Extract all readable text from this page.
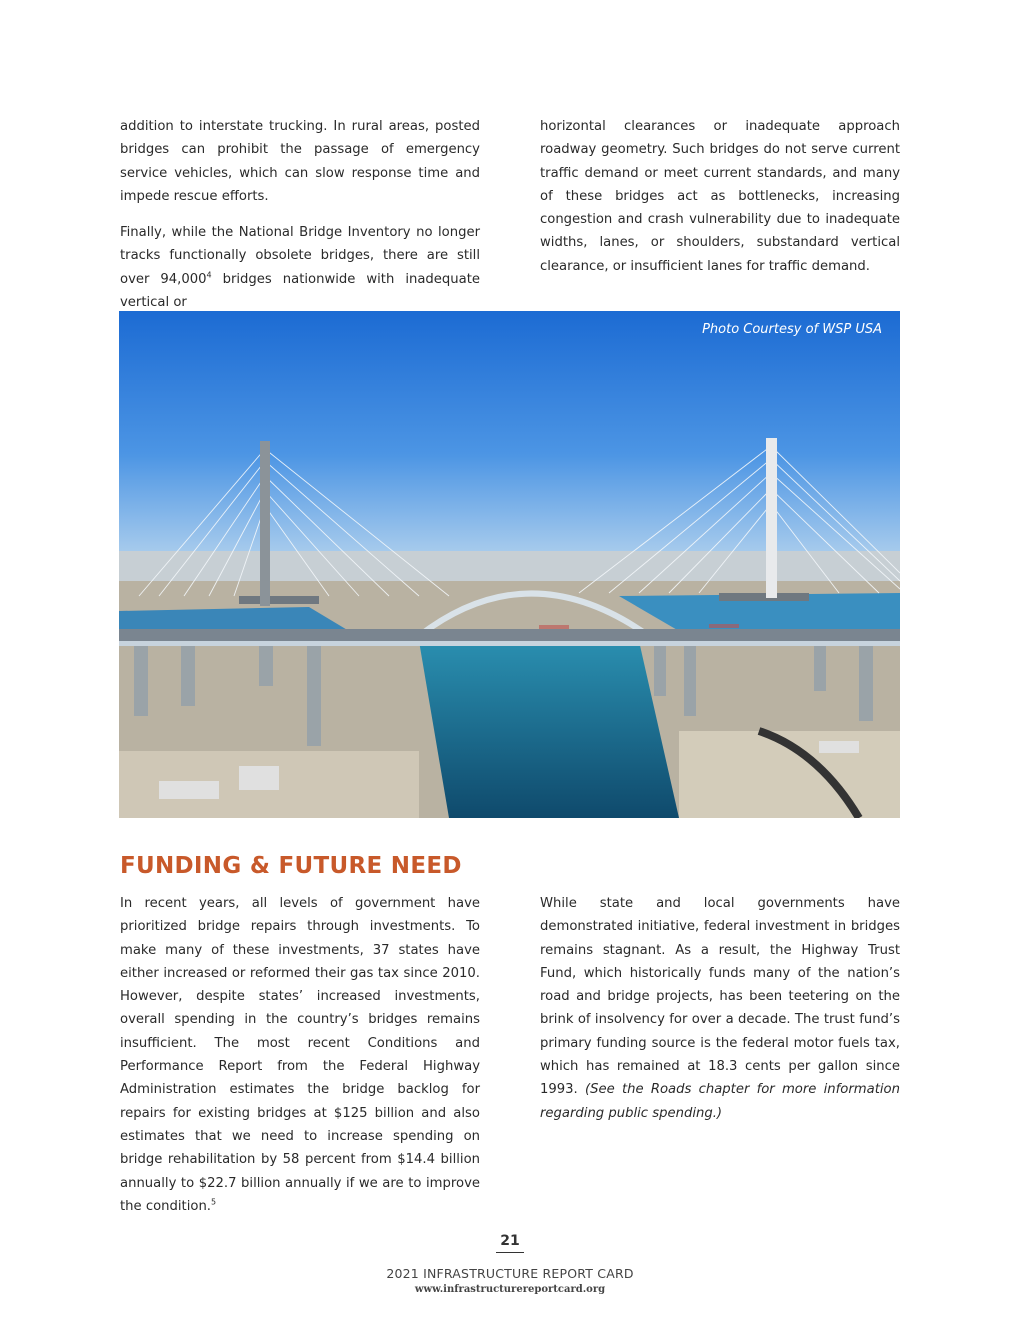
addition to interstate trucking. In rural areas, posted bridges can prohibit the passage of emergency service vehicles, which can slow response time and impede rescue efforts.

Finally, while the National Bridge Inventory no longer tracks functionally obsolete bridges, there are still over 94,000$^4$ bridges nationwide with inadequate vertical or

horizontal clearances or inadequate approach roadway geometry. Such bridges do not serve current traffic demand or meet current standards, and many of these bridges act as bottlenecks, increasing congestion and crash vulnerability due to inadequate widths, lanes, or shoulders, substandard vertical clearance, or insufficient lanes for traffic demand.

Photo Courtesy of WSP USA
FUNDING & FUTURE NEED

In recent years, all levels of government have prioritized bridge repairs through investments. To make many of these investments, 37 states have either increased or reformed their gas tax since 2010. However, despite states’ increased investments, overall spending in the country’s bridges remains insufficient. The most recent Conditions and Performance Report from the Federal Highway Administration estimates the bridge backlog for repairs for existing bridges at $125 billion and also estimates that we need to increase spending on bridge rehabilitation by 58 percent from $14.4 billion annually to $22.7 billion annually if we are to improve the condition.$^5$

While state and local governments have demonstrated initiative, federal investment in bridges remains stagnant. As a result, the Highway Trust Fund, which historically funds many of the nation’s road and bridge projects, has been teetering on the brink of insolvency for over a decade. The trust fund’s primary funding source is the federal motor fuels tax, which has remained at 18.3 cents per gallon since 1993. (See the Roads chapter for more information regarding public spending.)

21
2021 INFRASTRUCTURE REPORT CARD
www.infrastructurereportcard.org
